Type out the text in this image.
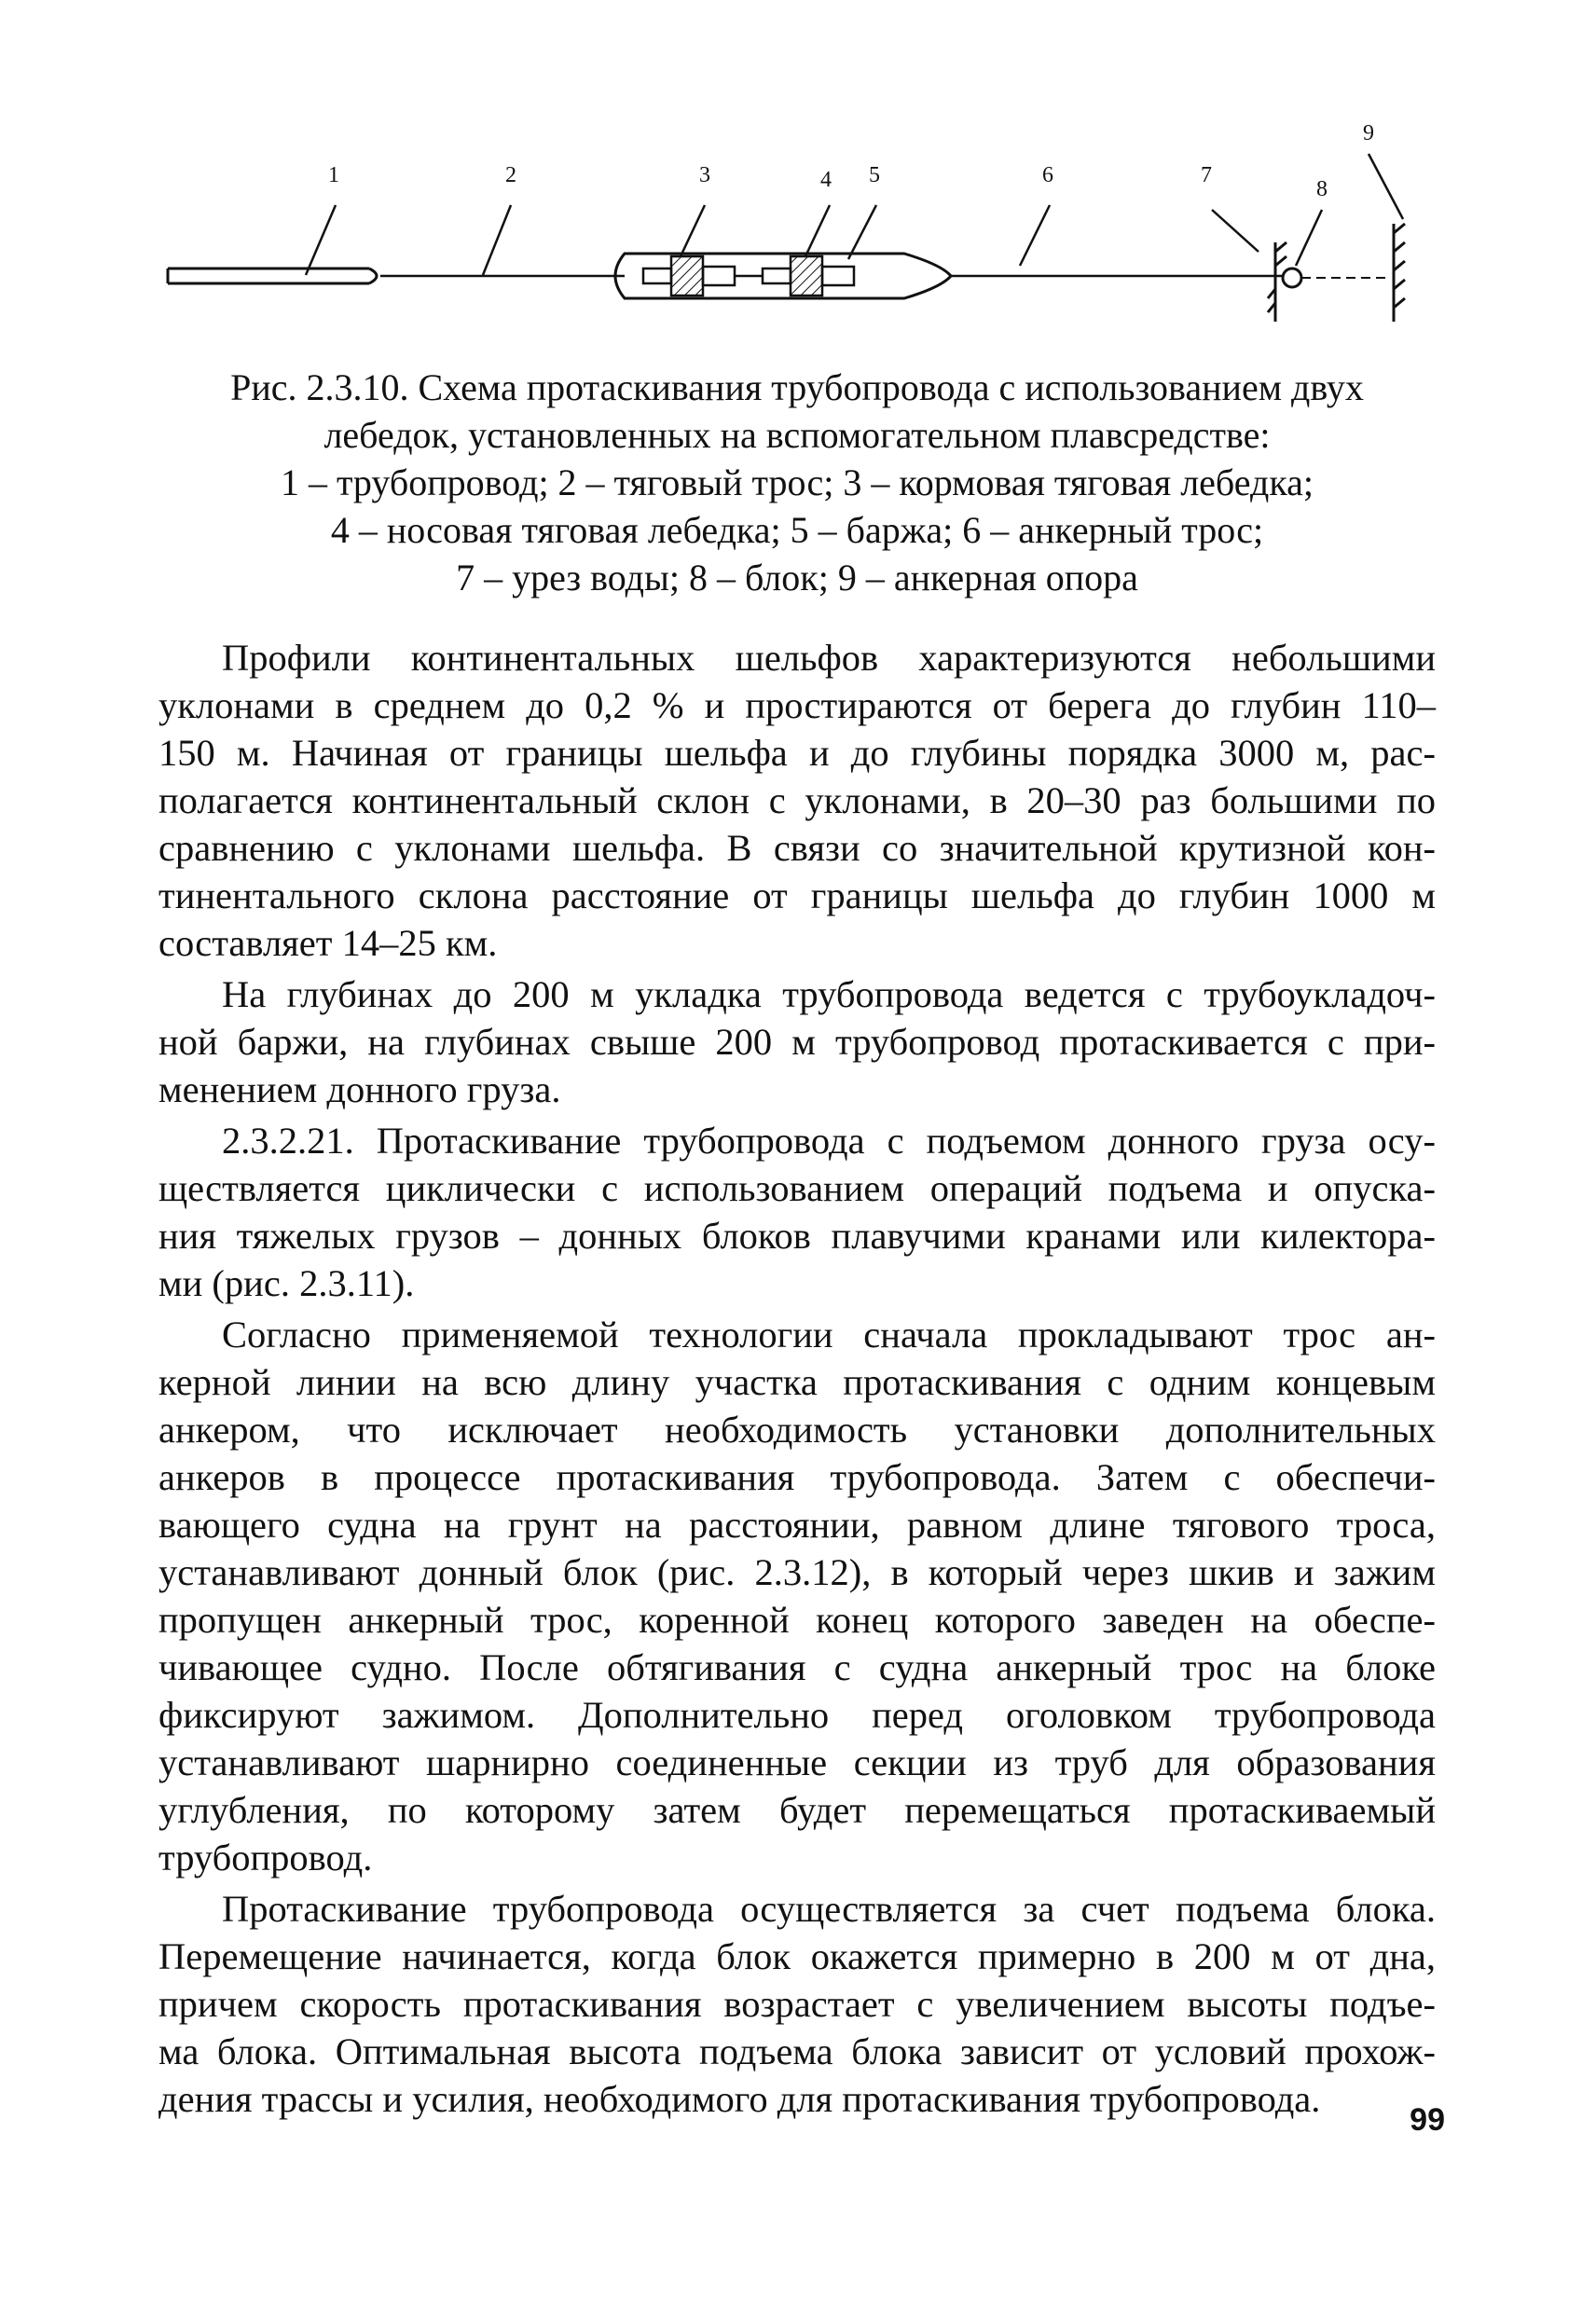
1	2	3	4 5	6	7
8
9
Рис. 2.3.10. Схема протаскивания трубопровода с использованием двух
лебедок, установленных на вспомогательном плавсредстве:
1 – трубопровод; 2 – тяговый трос; 3 – кормовая тяговая лебедка;
4 – носовая тяговая лебедка; 5 – баржа; 6 – анкерный трос;
7 – урез воды; 8 – блок; 9 – анкерная опора
Профили континентальных шельфов характеризуются небольшими
уклонами в среднем до 0,2 % и простираются от берега до глубин 110–
150 м. Начиная от границы шельфа и до глубины порядка 3000 м, рас-
полагается континентальный склон с уклонами, в 20–30 раз большими по
сравнению с уклонами шельфа. В связи со значительной крутизной кон-
тинентального склона расстояние от границы шельфа до глубин 1000 м
составляет 14–25 км.
На глубинах до 200 м укладка трубопровода ведется с трубоукладоч-
ной баржи, на глубинах свыше 200 м трубопровод протаскивается с при-
менением донного груза.
2.3.2.21. Протаскивание трубопровода с подъемом донного груза осу-
ществляется циклически с использованием операций подъема и опуска-
ния тяжелых грузов – донных блоков плавучими кранами или килектора-
ми (рис. 2.3.11).
Согласно применяемой технологии сначала прокладывают трос ан-
керной линии на всю длину участка протаскивания с одним концевым
анкером, что исключает необходимость установки дополнительных
анкеров в процессе протаскивания трубопровода. Затем с обеспечи-
вающего судна на грунт на расстоянии, равном длине тягового троса,
устанавливают донный блок (рис. 2.3.12), в который через шкив и зажим
пропущен анкерный трос, коренной конец которого заведен на обеспе-
чивающее судно. После обтягивания с судна анкерный трос на блоке
фиксируют зажимом. Дополнительно перед оголовком трубопровода
устанавливают шарнирно соединенные секции из труб для образования
углубления, по которому затем будет перемещаться протаскиваемый
трубопровод.
Протаскивание трубопровода осуществляется за счет подъема блока.
Перемещение начинается, когда блок окажется примерно в 200 м от дна,
причем скорость протаскивания возрастает с увеличением высоты подъе-
ма блока. Оптимальная высота подъема блока зависит от условий прохож-
дения трассы и усилия, необходимого для протаскивания трубопровода.	99
